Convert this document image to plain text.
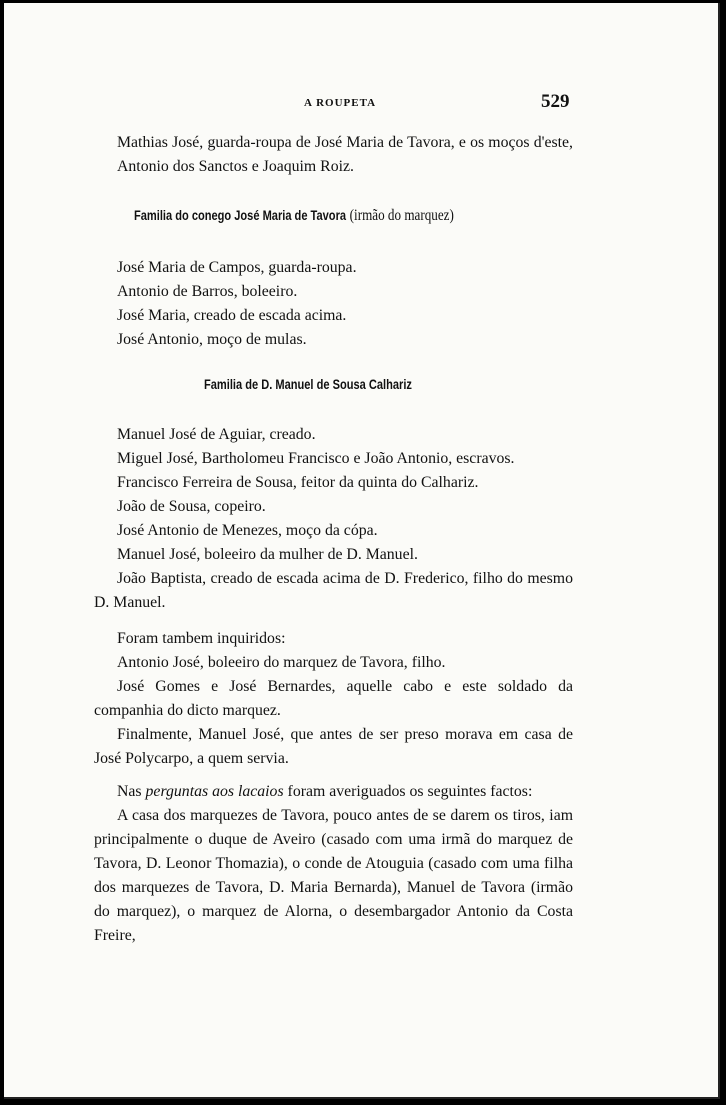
A ROUPETA	529

Mathias José, guarda-roupa de José Maria de Tavora, e os moços d'este, Antonio dos Sanctos e Joaquim Roiz.

Familia do conego José Maria de Tavora (irmão do marquez)

José Maria de Campos, guarda-roupa.

Antonio de Barros, boleeiro.

José Maria, creado de escada acima.

José Antonio, moço de mulas.

Familia de D. Manuel de Sousa Calhariz

Manuel José de Aguiar, creado.

Miguel José, Bartholomeu Francisco e João Antonio, escravos.

Francisco Ferreira de Sousa, feitor da quinta do Calhariz.

João de Sousa, copeiro.

José Antonio de Menezes, moço da cópa.

Manuel José, boleeiro da mulher de D. Manuel.

João Baptista, creado de escada acima de D. Frederico, filho do mesmo D. Manuel.

Foram tambem inquiridos:

Antonio José, boleeiro do marquez de Tavora, filho.

José Gomes e José Bernardes, aquelle cabo e este soldado da companhia do dicto marquez.

Finalmente, Manuel José, que antes de ser preso morava em casa de José Polycarpo, a quem servia.

Nas perguntas aos lacaios foram averiguados os seguintes factos:

A casa dos marquezes de Tavora, pouco antes de se darem os tiros, iam principalmente o duque de Aveiro (casado com uma irmã do marquez de Tavora, D. Leonor Thomazia), o conde de Atouguia (casado com uma filha dos marquezes de Tavora, D. Maria Bernarda), Manuel de Tavora (irmão do marquez), o marquez de Alorna, o desembargador Antonio da Costa Freire,
